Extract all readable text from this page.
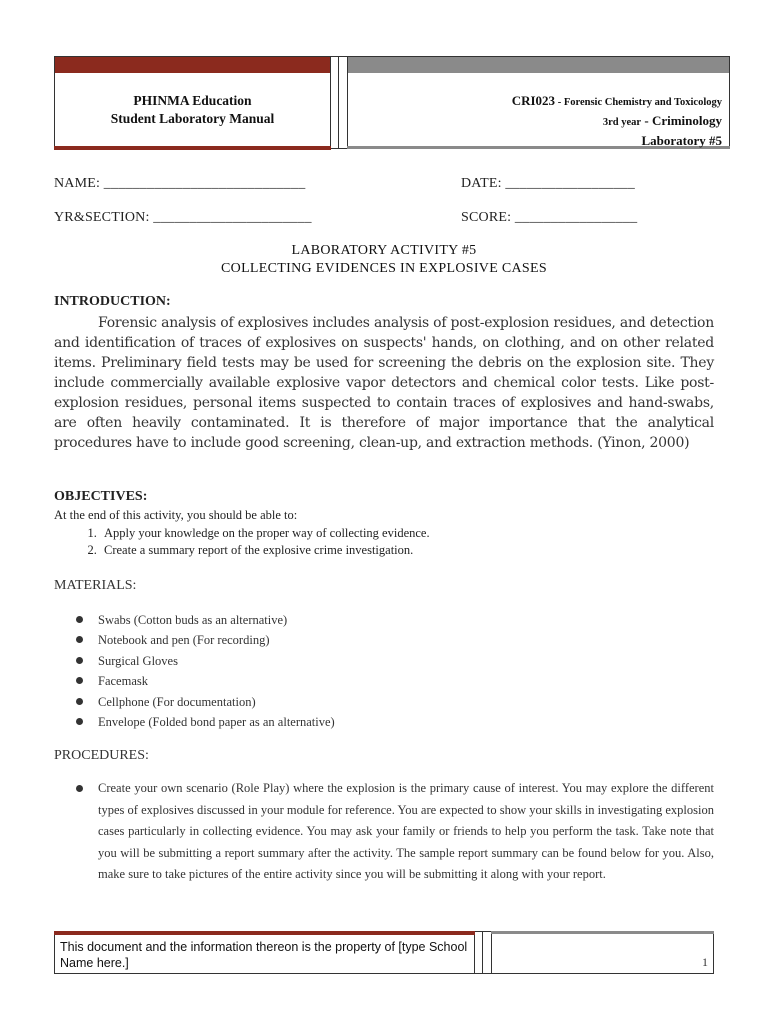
PHINMA Education
Student Laboratory Manual
CRI023 - Forensic Chemistry and Toxicology
3rd year - Criminology
Laboratory #5
NAME: ____________________________	DATE: __________________
YR&SECTION: ______________________	SCORE: _________________
LABORATORY ACTIVITY #5
COLLECTING EVIDENCES IN EXPLOSIVE CASES
INTRODUCTION:
Forensic analysis of explosives includes analysis of post-explosion residues, and detection and identification of traces of explosives on suspects' hands, on clothing, and on other related items. Preliminary field tests may be used for screening the debris on the explosion site. They include commercially available explosive vapor detectors and chemical color tests. Like post-explosion residues, personal items suspected to contain traces of explosives and hand-swabs, are often heavily contaminated. It is therefore of major importance that the analytical procedures have to include good screening, clean-up, and extraction methods. (Yinon, 2000)
OBJECTIVES:
At the end of this activity, you should be able to:
1. Apply your knowledge on the proper way of collecting evidence.
2. Create a summary report of the explosive crime investigation.
MATERIALS:
Swabs (Cotton buds as an alternative)
Notebook and pen (For recording)
Surgical Gloves
Facemask
Cellphone (For documentation)
Envelope (Folded bond paper as an alternative)
PROCEDURES:
Create your own scenario (Role Play) where the explosion is the primary cause of interest. You may explore the different types of explosives discussed in your module for reference. You are expected to show your skills in investigating explosion cases particularly in collecting evidence. You may ask your family or friends to help you perform the task. Take note that you will be submitting a report summary after the activity. The sample report summary can be found below for you. Also, make sure to take pictures of the entire activity since you will be submitting it along with your report.
This document and the information thereon is the property of [type School Name here.]	1
